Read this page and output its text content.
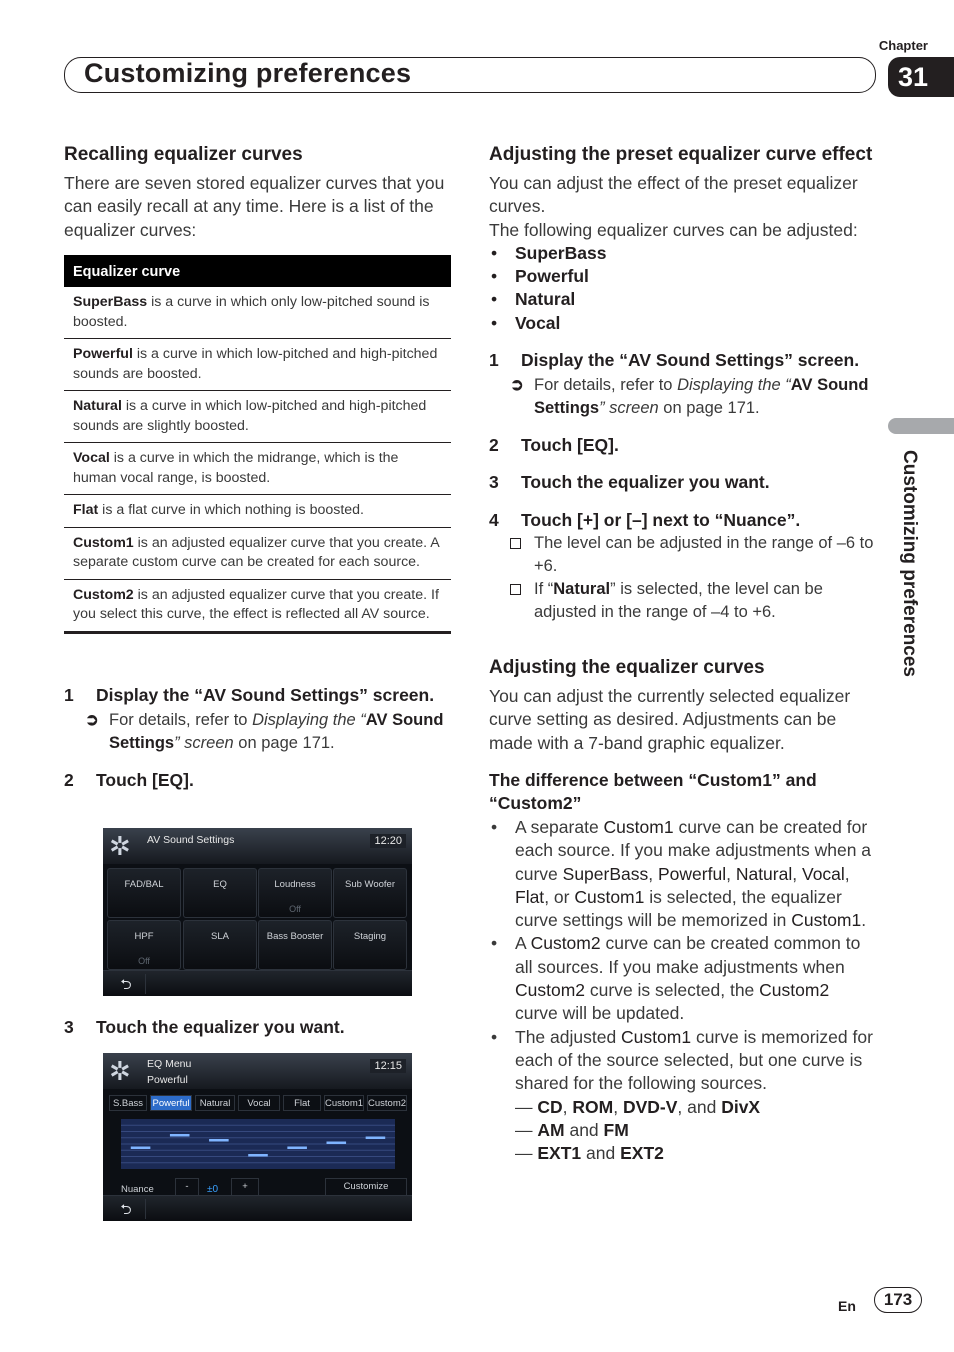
Chapter
Customizing preferences	31
Customizing preferences
Recalling equalizer curves
There are seven stored equalizer curves that you can easily recall at any time. Here is a list of the equalizer curves:
Equalizer curve
SuperBass is a curve in which only low-pitched sound is boosted.
Powerful is a curve in which low-pitched and high-pitched sounds are boosted.
Natural is a curve in which low-pitched and high-pitched sounds are slightly boosted.
Vocal is a curve in which the midrange, which is the human vocal range, is boosted.
Flat is a flat curve in which nothing is boosted.
Custom1 is an adjusted equalizer curve that you create. A separate custom curve can be created for each source.
Custom2 is an adjusted equalizer curve that you create. If you select this curve, the effect is reflected all AV source.
1 Display the “AV Sound Settings” screen.
➲ For details, refer to Displaying the “AV Sound Settings” screen on page 171.
2 Touch [EQ].
✲	AV Sound Settings	12:20
FAD/BAL	EQ	Loudness
Off
Sub Woofer
HPF
Off
SLA	Bass Booster	Staging
⮌
3 Touch the equalizer you want.
✲	EQ Menu
Powerful
12:15
S.Bass Powerful	Natural	Vocal	Flat	Custom1 Custom2
Nuance	-	±0	+	Customize
⮌
Adjusting the preset equalizer curve effect
You can adjust the effect of the preset equalizer curves.
The following equalizer curves can be adjusted:
• SuperBass
• Powerful
• Natural
• Vocal
1 Display the “AV Sound Settings” screen.
➲ For details, refer to Displaying the “AV Sound Settings” screen on page 171.
2 Touch [EQ].
3 Touch the equalizer you want.
4 Touch [+] or [–] next to “Nuance”.
The level can be adjusted in the range of –6 to +6.
If “Natural” is selected, the level can be adjusted in the range of –4 to +6.
Adjusting the equalizer curves
You can adjust the currently selected equalizer curve setting as desired. Adjustments can be made with a 7-band graphic equalizer.
The difference between “Custom1” and “Custom2”
• A separate Custom1 curve can be created for each source. If you make adjustments when a curve SuperBass, Powerful, Natural, Vocal, Flat, or Custom1 is selected, the equalizer curve settings will be memorized in Custom1.
• A Custom2 curve can be created common to all sources. If you make adjustments when Custom2 curve is selected, the Custom2 curve will be updated.
• The adjusted Custom1 curve is memorized for each of the source selected, but one curve is shared for the following sources.
— CD, ROM, DVD-V, and DivX
— AM and FM
— EXT1 and EXT2
En	173
